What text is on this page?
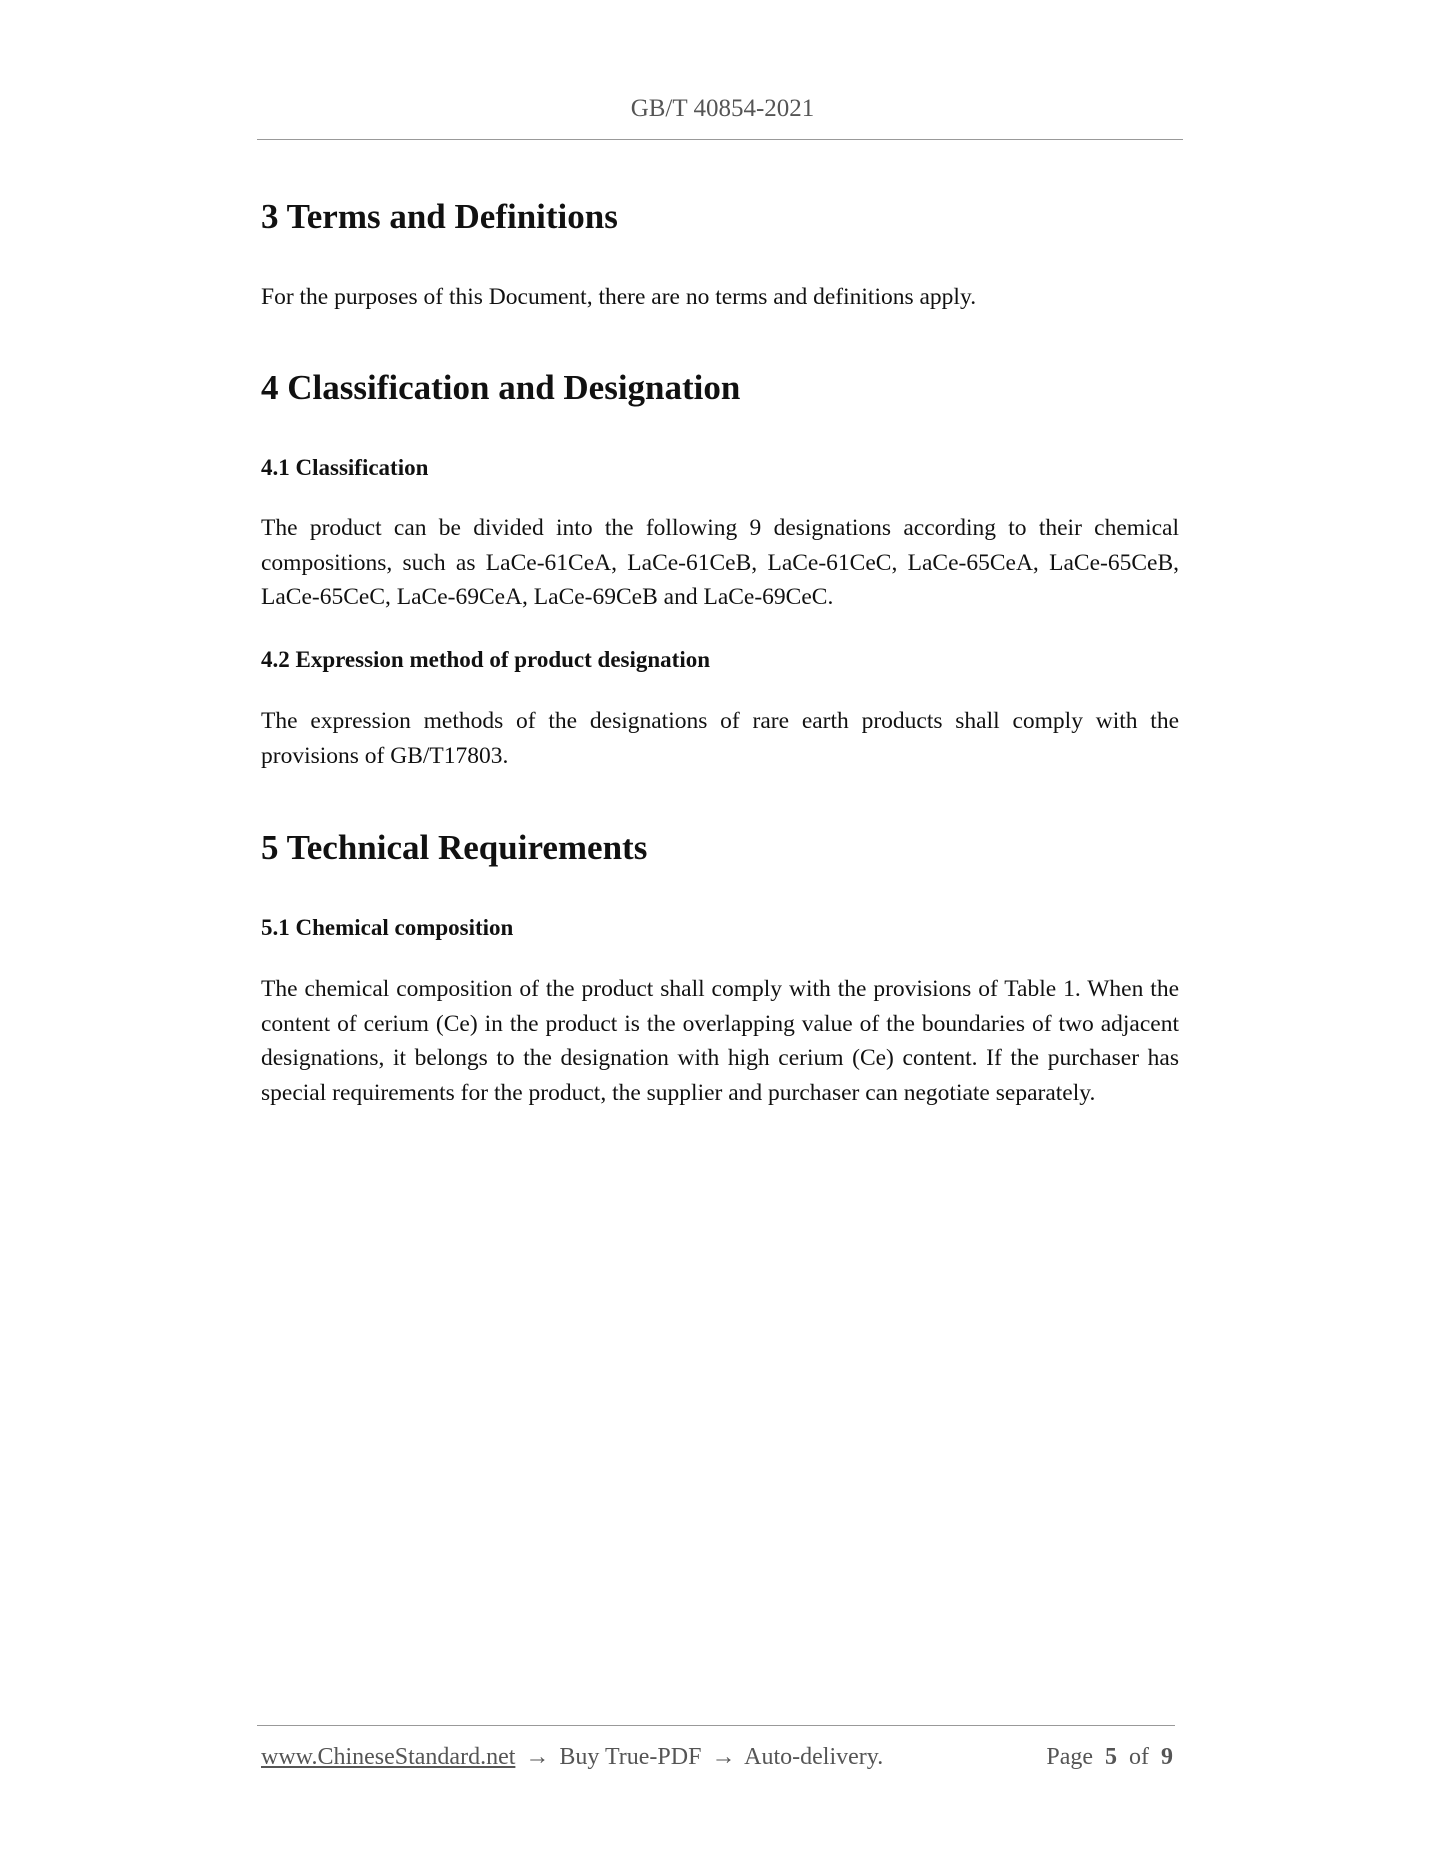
GB/T 40854-2021
3 Terms and Definitions
For the purposes of this Document, there are no terms and definitions apply.
4 Classification and Designation
4.1 Classification
The product can be divided into the following 9 designations according to their chemical compositions, such as LaCe-61CeA, LaCe-61CeB, LaCe-61CeC, LaCe-65CeA, LaCe-65CeB, LaCe-65CeC, LaCe-69CeA, LaCe-69CeB and LaCe-69CeC.
4.2 Expression method of product designation
The expression methods of the designations of rare earth products shall comply with the provisions of GB/T17803.
5 Technical Requirements
5.1 Chemical composition
The chemical composition of the product shall comply with the provisions of Table 1. When the content of cerium (Ce) in the product is the overlapping value of the boundaries of two adjacent designations, it belongs to the designation with high cerium (Ce) content. If the purchaser has special requirements for the product, the supplier and purchaser can negotiate separately.
www.ChineseStandard.net → Buy True-PDF → Auto-delivery.	Page 5 of 9
